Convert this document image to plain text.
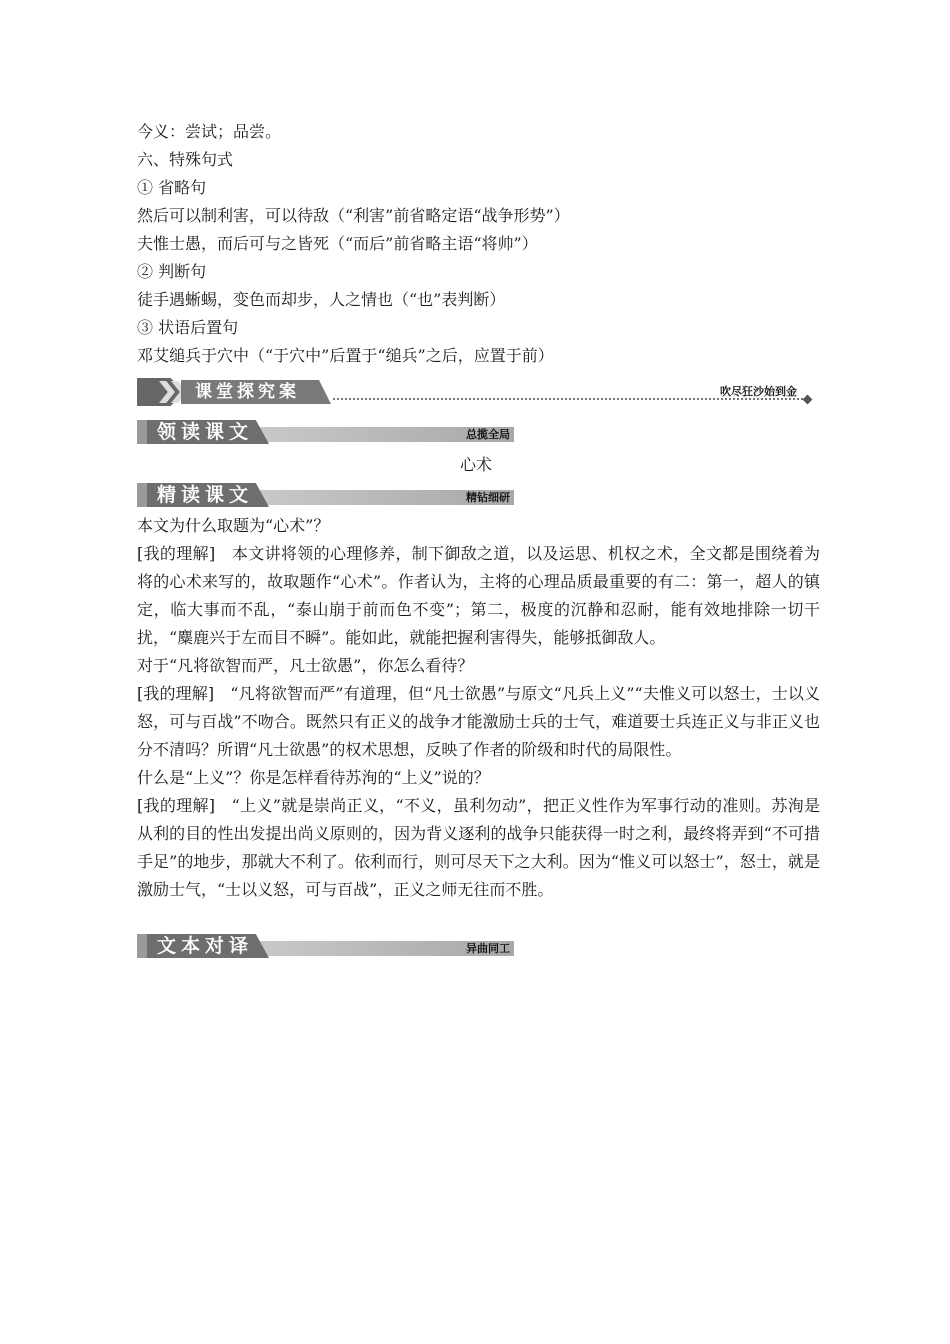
今义：尝试；品尝。
六、特殊句式
① 省略句
然后可以制利害，可以待敌（“利害”前省略定语“战争形势”）
夫惟士愚，而后可与之皆死（“而后”前省略主语“将帅”）
② 判断句
徒手遇蜥蜴，变色而却步，人之情也（“也”表判断）
③ 状语后置句
邓艾缒兵于穴中（“于穴中”后置于“缒兵”之后，应置于前）
课堂探究案	吹尽狂沙始到金
领读课文	总揽全局
心术
精读课文	精钻细研

本文为什么取题为“心术”？

[我的理解]　本文讲将领的心理修养，制下御敌之道，以及运思、机权之术，全文都是围绕着为将的心术来写的，故取题作“心术”。作者认为，主将的心理品质最重要的有二：第一，超人的镇定，临大事而不乱，“泰山崩于前而色不变”；第二，极度的沉静和忍耐，能有效地排除一切干扰，“麋鹿兴于左而目不瞬”。能如此，就能把握利害得失，能够抵御敌人。

对于“凡将欲智而严，凡士欲愚”，你怎么看待？

[我的理解]　“凡将欲智而严”有道理，但“凡士欲愚”与原文“凡兵上义”“夫惟义可以怒士，士以义怒，可与百战”不吻合。既然只有正义的战争才能激励士兵的士气，难道要士兵连正义与非正义也分不清吗？所谓“凡士欲愚”的权术思想，反映了作者的阶级和时代的局限性。

什么是“上义”？你是怎样看待苏洵的“上义”说的？

[我的理解]　“上义”就是崇尚正义，“不义，虽利勿动”，把正义性作为军事行动的准则。苏洵是从利的目的性出发提出尚义原则的，因为背义逐利的战争只能获得一时之利，最终将弄到“不可措手足”的地步，那就大不利了。依利而行，则可尽天下之大利。因为“惟义可以怒士”，怒士，就是激励士气，“士以义怒，可与百战”，正义之师无往而不胜。

文本对译	异曲同工
